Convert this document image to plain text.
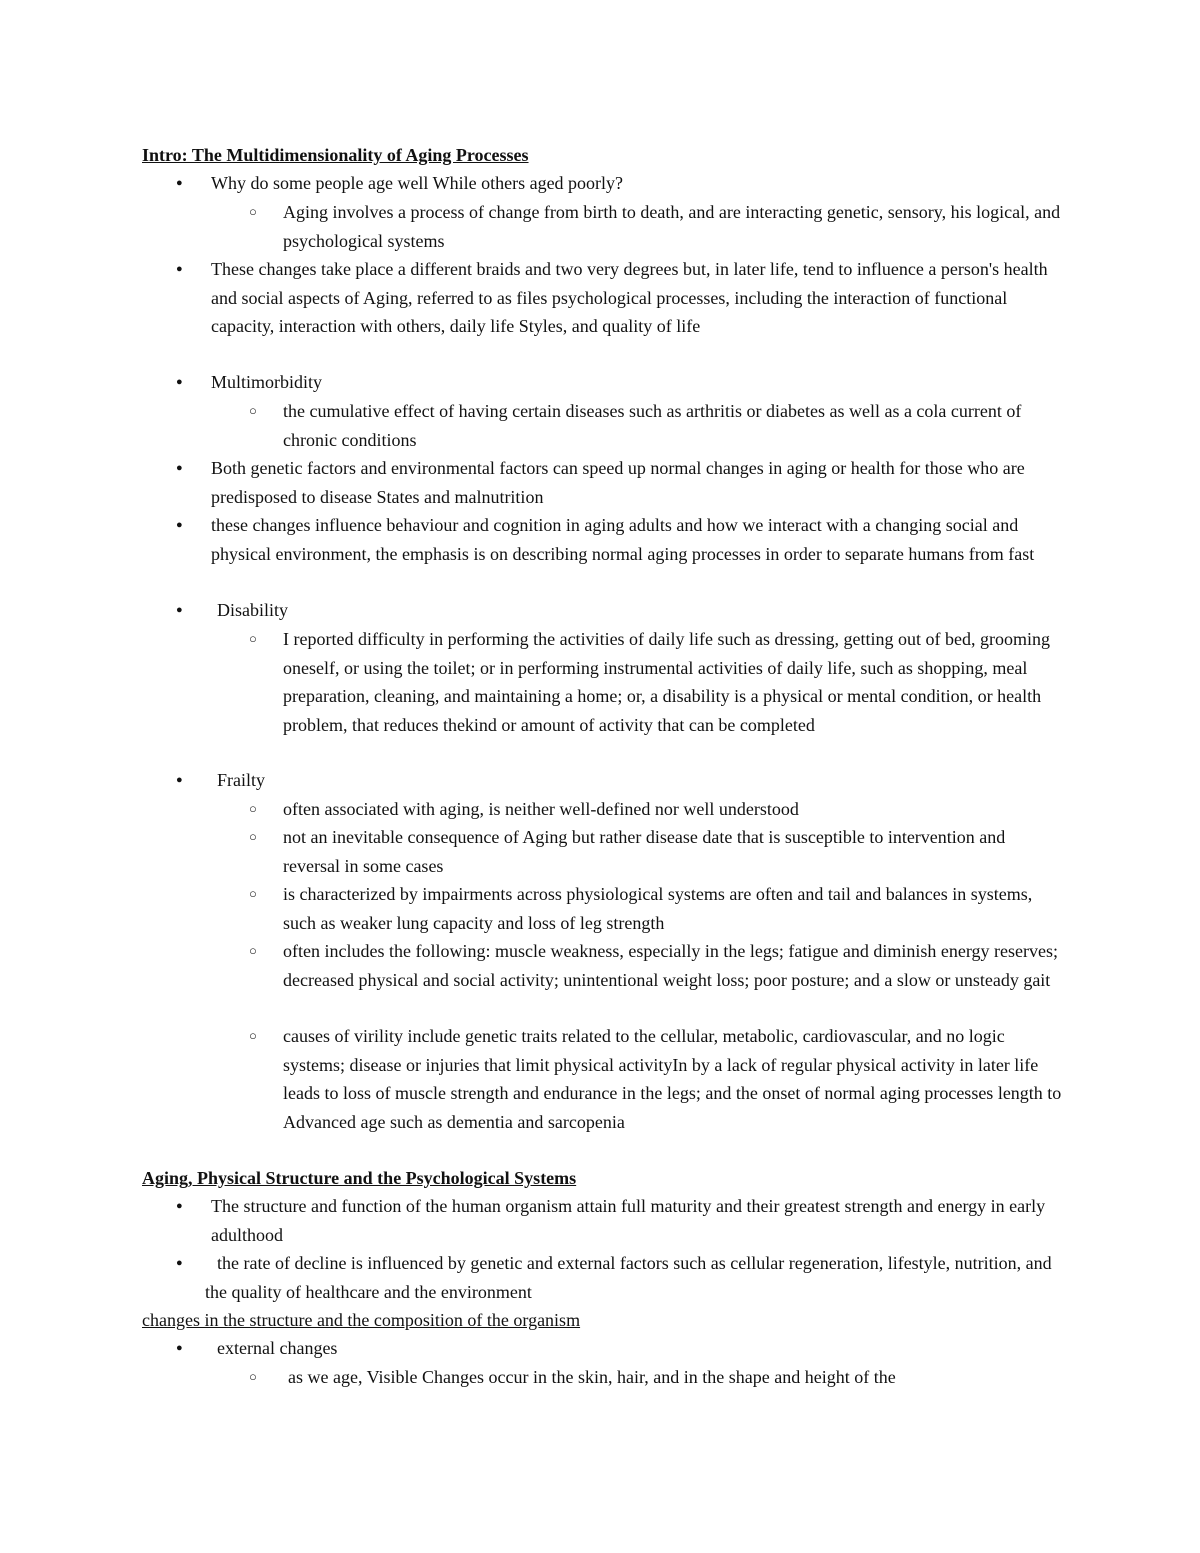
Intro: The Multidimensionality of Aging Processes

● Why do some people age well While others aged poorly?
○ Aging involves a process of change from birth to death, and are interacting genetic, sensory, his logical, and psychological systems
● These changes take place a different braids and two very degrees but, in later life, tend to influence a person's health and social aspects of Aging, referred to as files psychological processes, including the interaction of functional capacity, interaction with others, daily life Styles, and quality of life
● Multimorbidity
○ the cumulative effect of having certain diseases such as arthritis or diabetes as well as a cola current of chronic conditions
● Both genetic factors and environmental factors can speed up normal changes in aging or health for those who are predisposed to disease States and malnutrition
● these changes influence behaviour and cognition in aging adults and how we interact with a changing social and physical environment, the emphasis is on describing normal aging processes in order to separate humans from fast
● Disability
○ I reported difficulty in performing the activities of daily life such as dressing, getting out of bed, grooming oneself, or using the toilet; or in performing instrumental activities of daily life, such as shopping, meal preparation, cleaning, and maintaining a home; or, a disability is a physical or mental condition, or health problem, that reduces thekind or amount of activity that can be completed
● Frailty
○ often associated with aging, is neither well-defined nor well understood
○ not an inevitable consequence of Aging but rather disease date that is susceptible to intervention and reversal in some cases
○ is characterized by impairments across physiological systems are often and tail and balances in systems, such as weaker lung capacity and loss of leg strength
○ often includes the following: muscle weakness, especially in the legs; fatigue and diminish energy reserves; decreased physical and social activity; unintentional weight loss; poor posture; and a slow or unsteady gait
○ causes of virility include genetic traits related to the cellular, metabolic, cardiovascular, and no logic systems; disease or injuries that limit physical activityIn by a lack of regular physical activity in later life leads to loss of muscle strength and endurance in the legs; and the onset of normal aging processes length to Advanced age such as dementia and sarcopenia

Aging, Physical Structure and the Psychological Systems

● The structure and function of the human organism attain full maturity and their greatest strength and energy in early adulthood
●	the rate of decline is influenced by genetic and external factors such as cellular regeneration, lifestyle, nutrition, and the quality of healthcare and the environment

changes in the structure and the composition of the organism

● external changes
○ as we age, Visible Changes occur in the skin, hair, and in the shape and height of the
